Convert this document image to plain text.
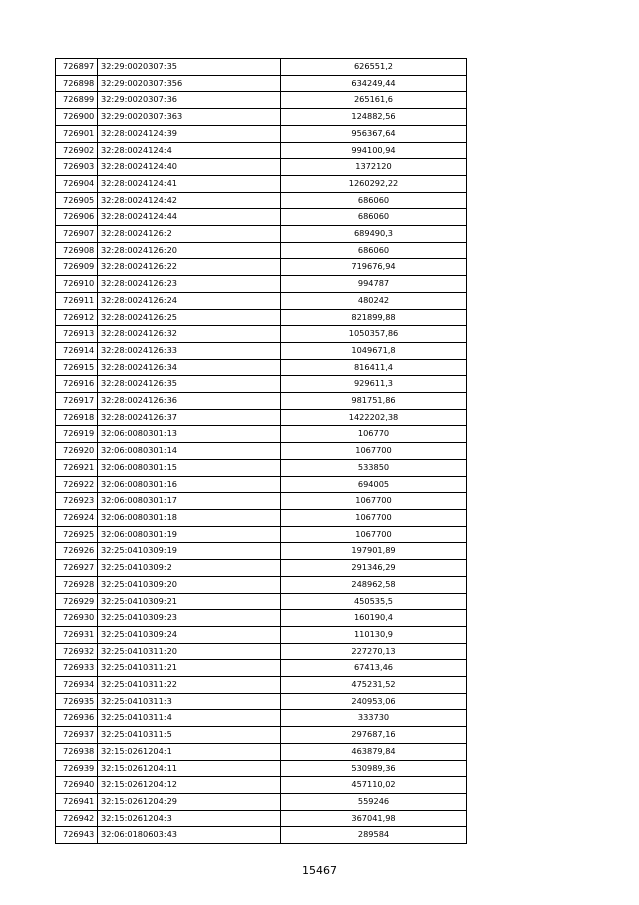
726897	32:29:0020307:35	626551,2
726898	32:29:0020307:356	634249,44
726899	32:29:0020307:36	265161,6
726900	32:29:0020307:363	124882,56
726901	32:28:0024124:39	956367,64
726902	32:28:0024124:4	994100,94
726903	32:28:0024124:40	1372120
726904	32:28:0024124:41	1260292,22
726905	32:28:0024124:42	686060
726906	32:28:0024124:44	686060
726907	32:28:0024126:2	689490,3
726908	32:28:0024126:20	686060
726909	32:28:0024126:22	719676,94
726910	32:28:0024126:23	994787
726911	32:28:0024126:24	480242
726912	32:28:0024126:25	821899,88
726913	32:28:0024126:32	1050357,86
726914	32:28:0024126:33	1049671,8
726915	32:28:0024126:34	816411,4
726916	32:28:0024126:35	929611,3
726917	32:28:0024126:36	981751,86
726918	32:28:0024126:37	1422202,38
726919	32:06:0080301:13	106770
726920	32:06:0080301:14	1067700
726921	32:06:0080301:15	533850
726922	32:06:0080301:16	694005
726923	32:06:0080301:17	1067700
726924	32:06:0080301:18	1067700
726925	32:06:0080301:19	1067700
726926	32:25:0410309:19	197901,89
726927	32:25:0410309:2	291346,29
726928	32:25:0410309:20	248962,58
726929	32:25:0410309:21	450535,5
726930	32:25:0410309:23	160190,4
726931	32:25:0410309:24	110130,9
726932	32:25:0410311:20	227270,13
726933	32:25:0410311:21	67413,46
726934	32:25:0410311:22	475231,52
726935	32:25:0410311:3	240953,06
726936	32:25:0410311:4	333730
726937	32:25:0410311:5	297687,16
726938	32:15:0261204:1	463879,84
726939	32:15:0261204:11	530989,36
726940	32:15:0261204:12	457110,02
726941	32:15:0261204:29	559246
726942	32:15:0261204:3	367041,98
726943	32:06:0180603:43	289584
15467
